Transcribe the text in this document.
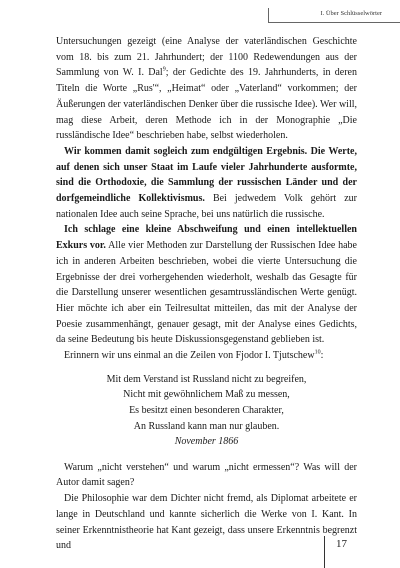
I. Über Schlüsselwörter

Untersuchungen gezeigt (eine Analyse der vaterländischen Geschichte vom 18. bis zum 21. Jahrhundert; der 1100 Redewendungen aus der Sammlung von W. I. Dal$^9$; der Gedichte des 19. Jahrhunderts, in deren Titeln die Worte „Rus'“, „Heimat“ oder „Vaterland“ vorkommen; der Äußerungen der vaterländischen Denker über die russische Idee). Wer will, mag diese Arbeit, deren Methode ich in der Monographie „Die russländische Idee“ beschrieben habe, selbst wiederholen.

Wir kommen damit sogleich zum endgültigen Ergebnis. Die Werte, auf denen sich unser Staat im Laufe vieler Jahrhunderte ausformte, sind die Orthodoxie, die Sammlung der russischen Länder und der dorfgemeindliche Kollektivismus. Bei jedwedem Volk gehört zur nationalen Idee auch seine Sprache, bei uns natürlich die russische.

Ich schlage eine kleine Abschweifung und einen intellektuellen Exkurs vor. Alle vier Methoden zur Darstellung der Russischen Idee habe ich in anderen Arbeiten beschrieben, wobei die vierte Untersuchung die Ergebnisse der drei vorhergehenden wiederholt, weshalb das Gesagte für die Darstellung unserer wesentlichen gesamtrussländischen Werte genügt. Hier möchte ich aber ein Teilresultat mitteilen, das mit der Analyse der Poesie zusammenhängt, genauer gesagt, mit der Analyse eines Gedichts, da seine Bedeutung bis heute Diskussionsgegenstand geblieben ist.

Erinnern wir uns einmal an die Zeilen von Fjodor I. Tjutschew$^{10}$:

Mit dem Verstand ist Russland nicht zu begreifen,
Nicht mit gewöhnlichem Maß zu messen,
Es besitzt einen besonderen Charakter,
An Russland kann man nur glauben.
November 1866

Warum „nicht verstehen“ und warum „nicht ermessen“? Was will der Autor damit sagen?

Die Philosophie war dem Dichter nicht fremd, als Diplomat arbeitete er lange in Deutschland und kannte sicherlich die Werke von I. Kant. In seiner Erkenntnistheorie hat Kant gezeigt, dass unsere Erkenntnis begrenzt und	17
